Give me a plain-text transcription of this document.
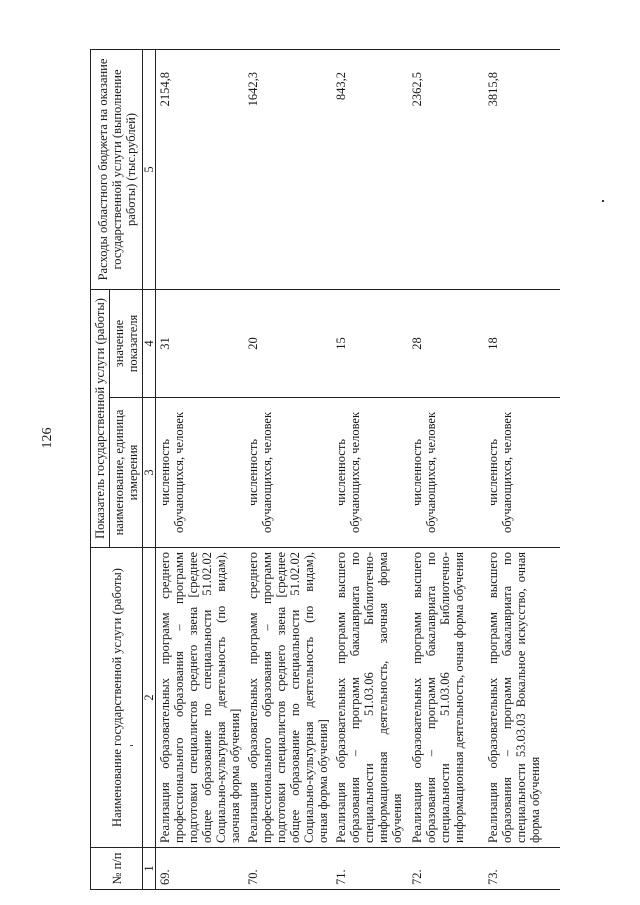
126
№ п/п	Наименование государственной услуги (работы)	Показатель государственной услуги (работы)		Расходы областного бюджета на оказание государственной услуги (выполнение работы) (тыс.рублей)
		наименование, единица измерения	значение показателя	
1	2	3	4	5
69.	Реализация образовательных программ среднего профессионального образования – программ подготовки специалистов среднего звена [среднее общее образование по специальности 51.02.02 Социально-культурная деятельность (по видам), заочная форма обучения]	численность обучающихся, человек	31	2154,8
70.	Реализация образовательных программ среднего профессионального образования – программ подготовки специалистов среднего звена [среднее общее образование по специальности 51.02.02 Социально-культурная деятельность (по видам), очная форма обучения]	численность обучающихся, человек	20	1642,3
71.	Реализация образовательных программ высшего образования – программ бакалавриата по специальности 51.03.06 Библиотечно-информационная деятельность, заочная форма обучения	численность обучающихся, человек	15	843,2
72.	Реализация образовательных программ высшего образования – программ бакалавриата по специальности 51.03.06 Библиотечно-информационная деятельность, очная форма обучения	численность обучающихся, человек	28	2362,5
73.	Реализация образовательных программ высшего образования – программ бакалавриата по специальности 53.03.03 Вокальное искусство, очная форма обучения	численность обучающихся, человек	18	3815,8
